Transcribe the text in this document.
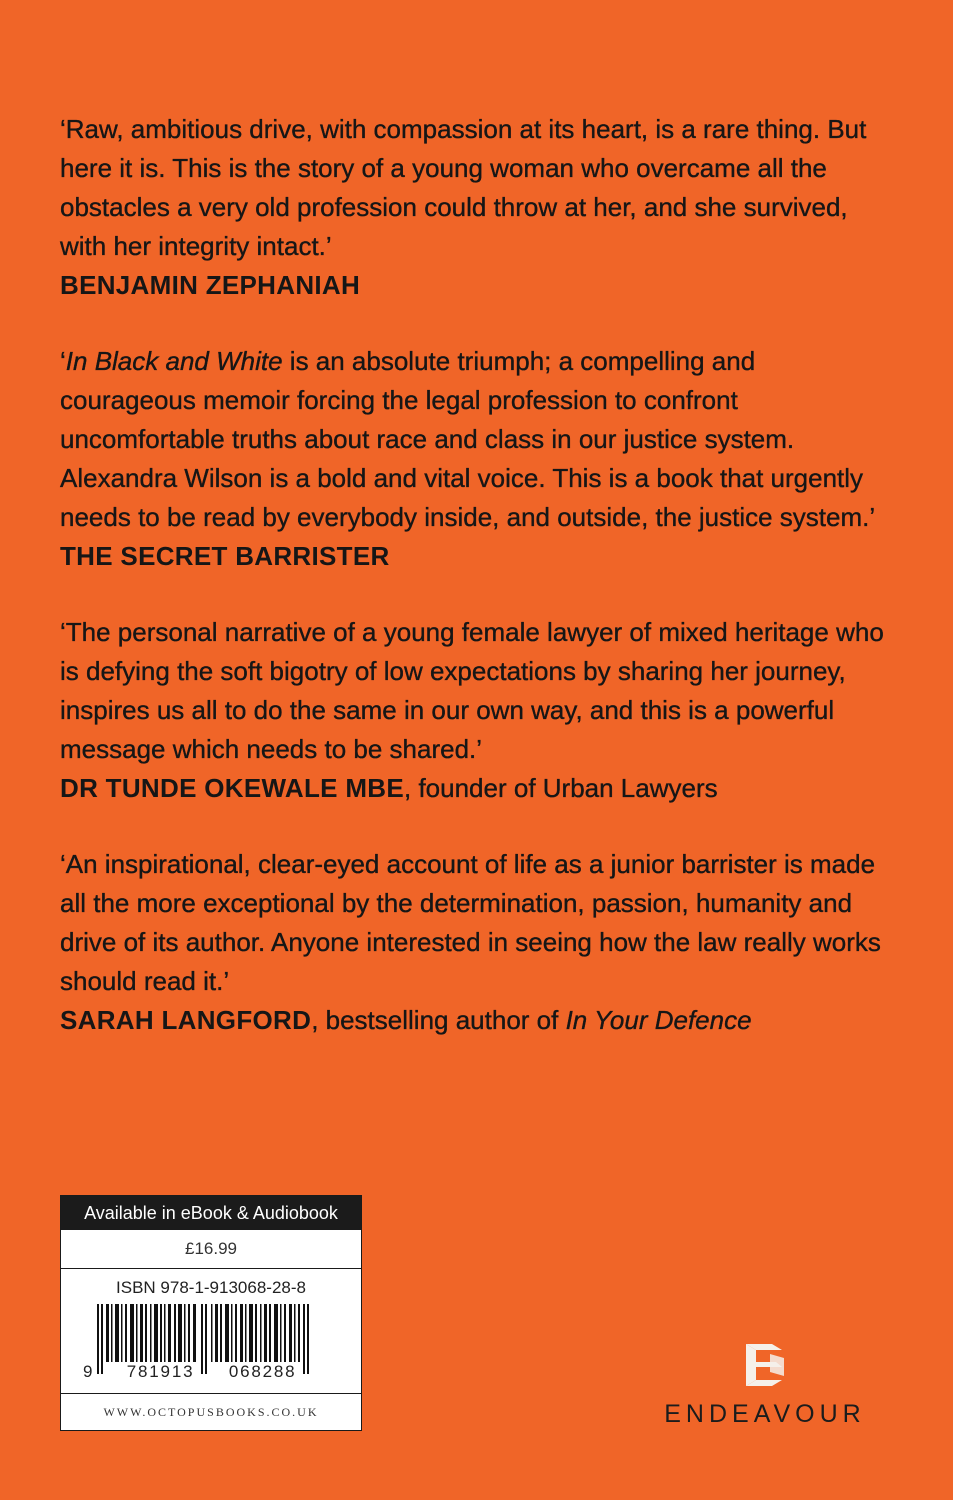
‘Raw, ambitious drive, with compassion at its heart, is a rare thing. But here it is. This is the story of a young woman who overcame all the obstacles a very old profession could throw at her, and she survived, with her integrity intact.’

BENJAMIN ZEPHANIAH

‘In Black and White is an absolute triumph; a compelling and courageous memoir forcing the legal profession to confront uncomfortable truths about race and class in our justice system. Alexandra Wilson is a bold and vital voice. This is a book that urgently needs to be read by everybody inside, and outside, the justice system.’

THE SECRET BARRISTER

‘The personal narrative of a young female lawyer of mixed heritage who is defying the soft bigotry of low expectations by sharing her journey, inspires us all to do the same in our own way, and this is a powerful message which needs to be shared.’

DR TUNDE OKEWALE MBE, founder of Urban Lawyers

‘An inspirational, clear-eyed account of life as a junior barrister is made all the more exceptional by the determination, passion, humanity and drive of its author. Anyone interested in seeing how the law really works should read it.’

SARAH LANGFORD, bestselling author of In Your Defence

Available in eBook & Audiobook
£16.99
ISBN 978-1-913068-28-8
9 781913 068288
WWW.OCTOPUSBOOKS.CO.UK	ENDEAVOUR
